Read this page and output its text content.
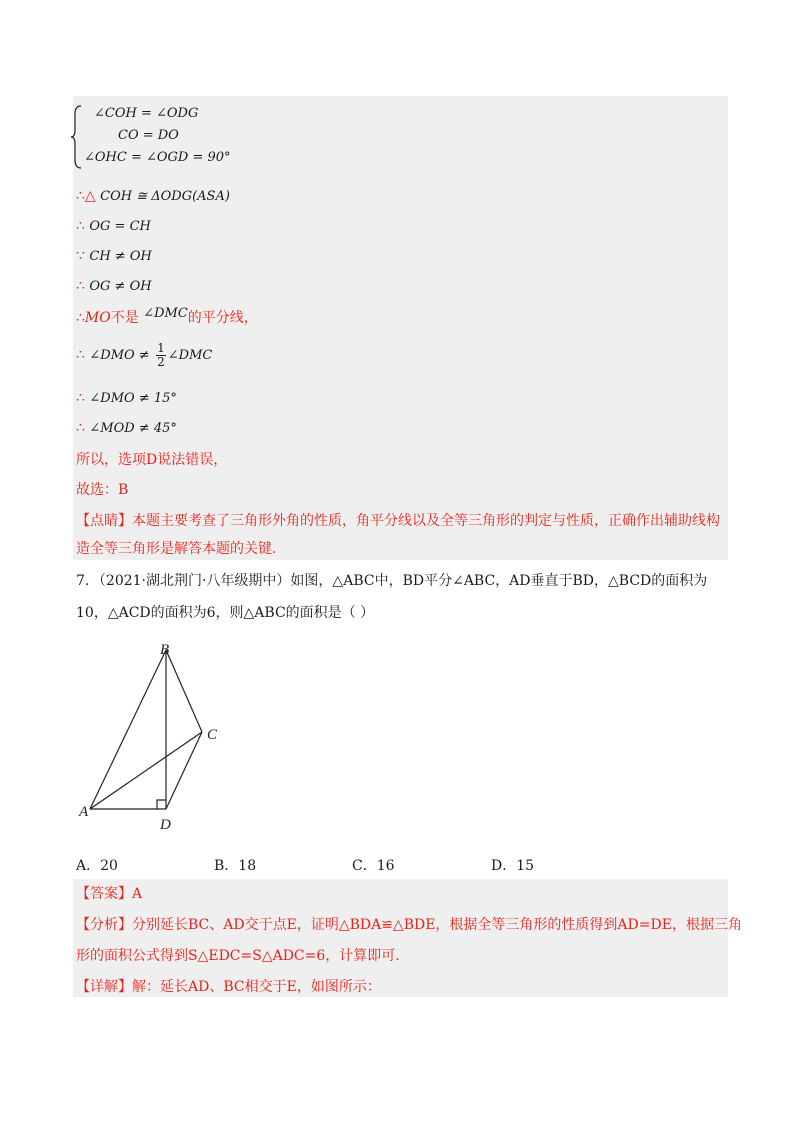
∠COH = ∠ODG
CO = DO
∠OHC = ∠OGD = 90°
∴△ COH ≅ ΔODG(ASA)
∴ OG = CH
∵ CH ≠ OH
∴ OG ≠ OH
∴MO不是 ∠DMC的平分线，
∴ ∠DMO ≠ $\frac{1}{2}$ ∠DMC
∴ ∠DMO ≠ 15°
∴ ∠MOD ≠ 45°
所以，选项D说法错误，
故选：B
【点睛】本题主要考查了三角形外角的性质，角平分线以及全等三角形的判定与性质，正确作出辅助线构
造全等三角形是解答本题的关键.
7．（2021·湖北荆门·八年级期中）如图，△ABC中，BD平分∠ABC，AD垂直于BD，△BCD的面积为
10，△ACD的面积为6，则△ABC的面积是（ ）
B
C
A
D
A．20	B．18	C．16	D．15
【答案】A
【分析】分别延长BC、AD交于点E，证明△BDA≌△BDE，根据全等三角形的性质得到AD=DE，根据三角
形的面积公式得到S△EDC=S△ADC=6，计算即可.
【详解】解：延长AD、BC相交于E，如图所示：
